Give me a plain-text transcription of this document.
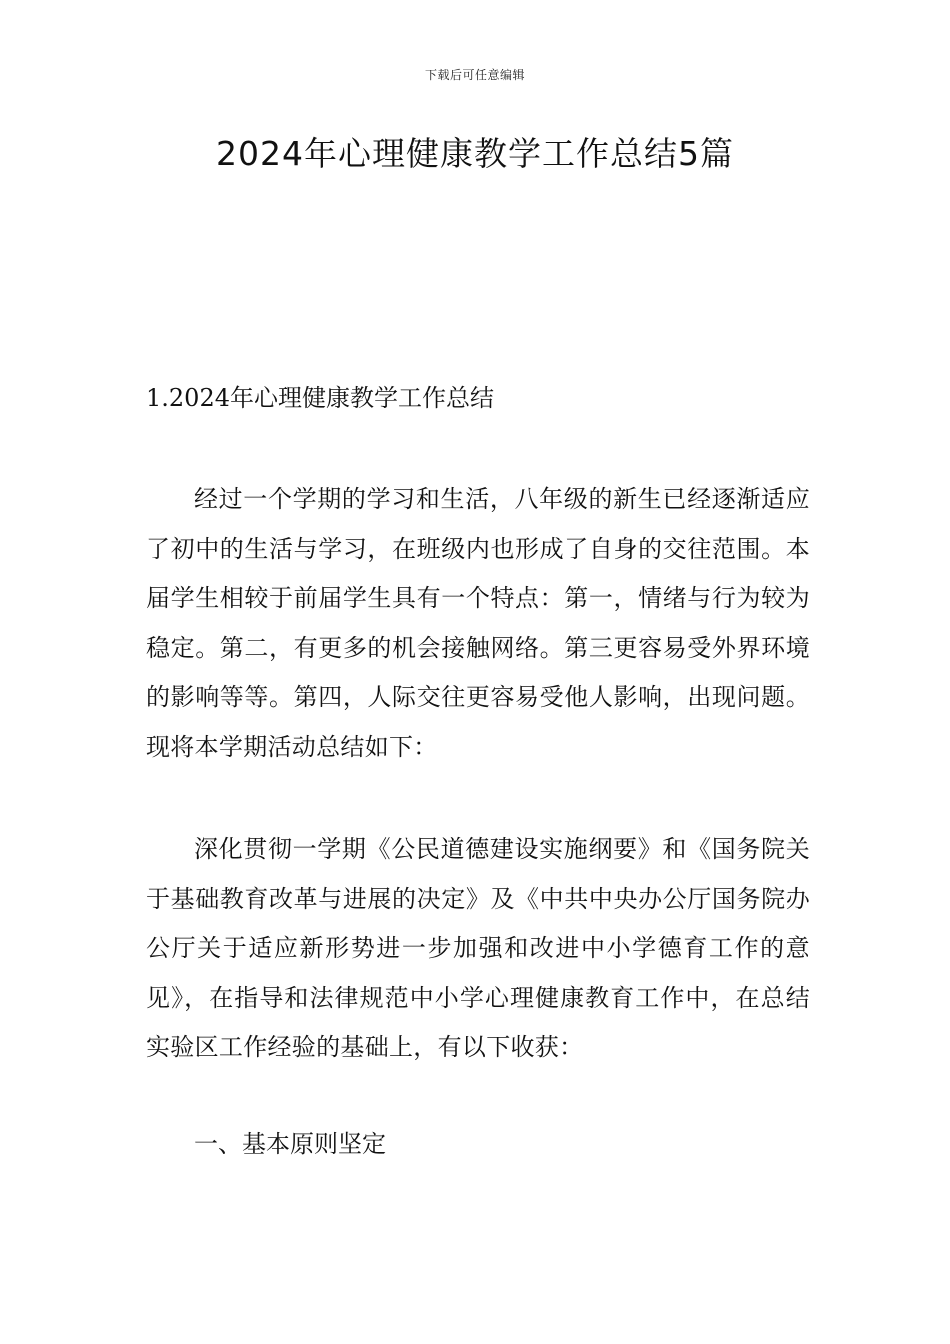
下载后可任意编辑
2024年心理健康教学工作总结5篇
1.2024年心理健康教学工作总结

经过一个学期的学习和生活，八年级的新生已经逐渐适应了初中的生活与学习，在班级内也形成了自身的交往范围。本届学生相较于前届学生具有一个特点：第一，情绪与行为较为稳定。第二，有更多的机会接触网络。第三更容易受外界环境的影响等等。第四，人际交往更容易受他人影响，出现问题。现将本学期活动总结如下：

深化贯彻一学期《公民道德建设实施纲要》和《国务院关于基础教育改革与进展的决定》及《中共中央办公厅国务院办公厅关于适应新形势进一步加强和改进中小学德育工作的意见》，在指导和法律规范中小学心理健康教育工作中，在总结实验区工作经验的基础上，有以下收获：

一、基本原则坚定
